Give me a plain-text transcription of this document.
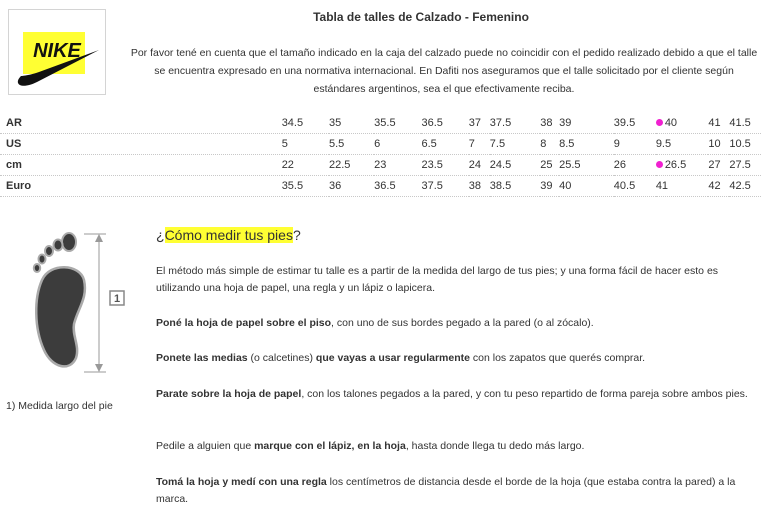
NIKE
Tabla de talles de Calzado - Femenino
Por favor tené en cuenta que el tamaño indicado en la caja del calzado puede no coincidir con el pedido realizado debido a que el talle se encuentra expresado en una normativa internacional. En Dafiti nos aseguramos que el talle solicitado por el cliente según estándares argentinos, sea el que efectivamente reciba.
AR	34.5	35	35.5	36.5	37	37.5	38	39	39.5	40	41	41.5
US	5	5.5	6	6.5	7	7.5	8	8.5	9	9.5	10	10.5
cm	22	22.5	23	23.5	24	24.5	25	25.5	26	26.5	27	27.5
Euro	35.5	36	36.5	37.5	38	38.5	39	40	40.5	41	42	42.5
1
1) Medida largo del pie
¿Cómo medir tus pies?
El método más simple de estimar tu talle es a partir de la medida del largo de tus pies; y una forma fácil de hacer esto es utilizando una hoja de papel, una regla y un lápiz o lapicera.
Poné la hoja de papel sobre el piso, con uno de sus bordes pegado a la pared (o al zócalo).
Ponete las medias (o calcetines) que vayas a usar regularmente con los zapatos que querés comprar.
Parate sobre la hoja de papel, con los talones pegados a la pared, y con tu peso repartido de forma pareja sobre ambos pies.
Pedile a alguien que marque con el lápiz, en la hoja, hasta donde llega tu dedo más largo.
Tomá la hoja y medí con una regla los centímetros de distancia desde el borde de la hoja (que estaba contra la pared) a la marca.
